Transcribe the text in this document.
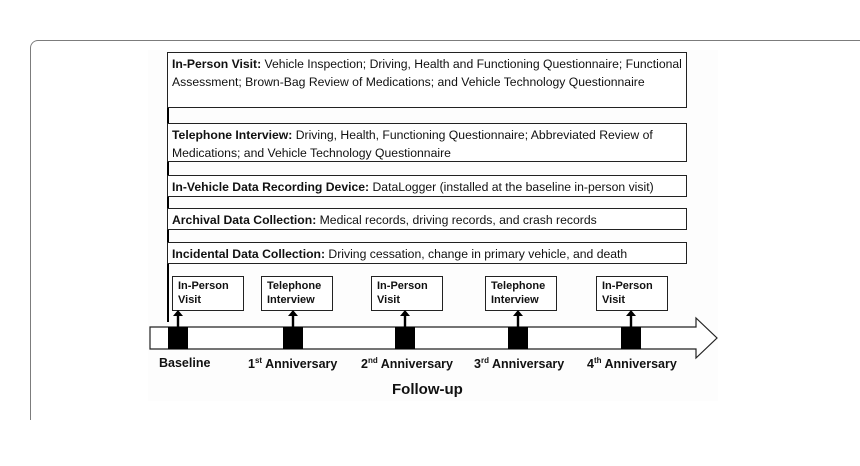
In-Person Visit: Vehicle Inspection; Driving, Health and Functioning Questionnaire; Functional Assessment; Brown-Bag Review of Medications; and Vehicle Technology Questionnaire
Telephone Interview: Driving, Health, Functioning Questionnaire; Abbreviated Review of Medications; and Vehicle Technology Questionnaire
In-Vehicle Data Recording Device: DataLogger (installed at the baseline in-person visit)
Archival Data Collection: Medical records, driving records, and crash records
Incidental Data Collection: Driving cessation, change in primary vehicle, and death
In-Person
Visit
Telephone
Interview
In-Person
Visit
Telephone
Interview
In-Person
Visit
Baseline	1st Anniversary 2nd Anniversary 3rd Anniversary 4th Anniversary
Follow-up
